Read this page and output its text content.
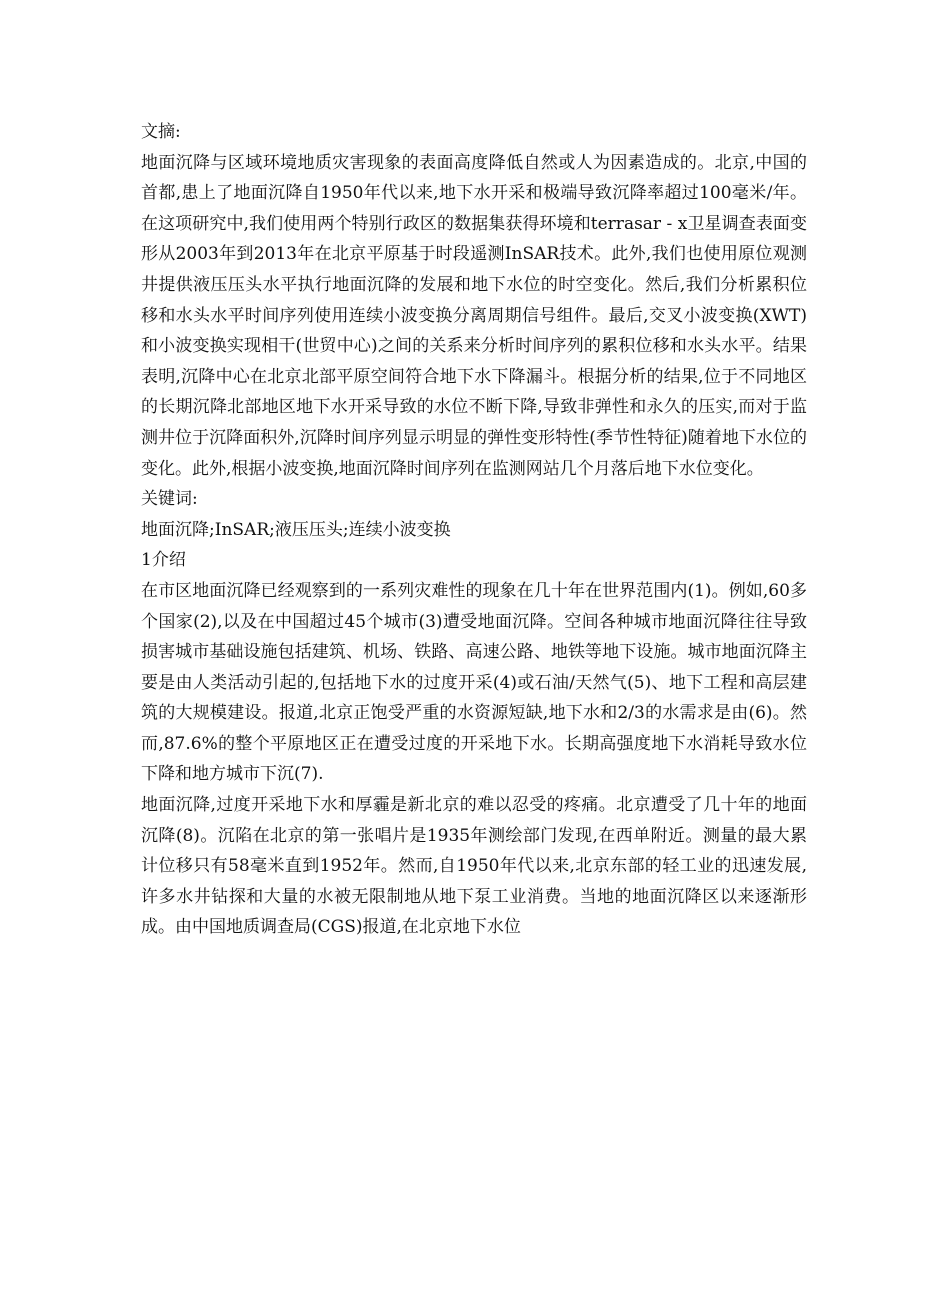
文摘:

地面沉降与区域环境地质灾害现象的表面高度降低自然或人为因素造成的。北京,中国的首都,患上了地面沉降自1950年代以来,地下水开采和极端导致沉降率超过100毫米/年。在这项研究中,我们使用两个特别行政区的数据集获得环境和terrasar - x卫星调查表面变形从2003年到2013年在北京平原基于时段遥测InSAR技术。此外,我们也使用原位观测井提供液压压头水平执行地面沉降的发展和地下水位的时空变化。然后,我们分析累积位移和水头水平时间序列使用连续小波变换分离周期信号组件。最后,交叉小波变换(XWT)和小波变换实现相干(世贸中心)之间的关系来分析时间序列的累积位移和水头水平。结果表明,沉降中心在北京北部平原空间符合地下水下降漏斗。根据分析的结果,位于不同地区的长期沉降北部地区地下水开采导致的水位不断下降,导致非弹性和永久的压实,而对于监测井位于沉降面积外,沉降时间序列显示明显的弹性变形特性(季节性特征)随着地下水位的变化。此外,根据小波变换,地面沉降时间序列在监测网站几个月落后地下水位变化。

关键词:

地面沉降;InSAR;液压压头;连续小波变换

1介绍

在市区地面沉降已经观察到的一系列灾难性的现象在几十年在世界范围内(1)。例如,60多个国家(2),以及在中国超过45个城市(3)遭受地面沉降。空间各种城市地面沉降往往导致损害城市基础设施包括建筑、机场、铁路、高速公路、地铁等地下设施。城市地面沉降主要是由人类活动引起的,包括地下水的过度开采(4)或石油/天然气(5)、地下工程和高层建筑的大规模建设。报道,北京正饱受严重的水资源短缺,地下水和2/3的水需求是由(6)。然而,87.6%的整个平原地区正在遭受过度的开采地下水。长期高强度地下水消耗导致水位下降和地方城市下沉(7).

地面沉降,过度开采地下水和厚霾是新北京的难以忍受的疼痛。北京遭受了几十年的地面沉降(8)。沉陷在北京的第一张唱片是1935年测绘部门发现,在西单附近。测量的最大累计位移只有58毫米直到1952年。然而,自1950年代以来,北京东部的轻工业的迅速发展,许多水井钻探和大量的水被无限制地从地下泵工业消费。当地的地面沉降区以来逐渐形成。由中国地质调查局(CGS)报道,在北京地下水位
